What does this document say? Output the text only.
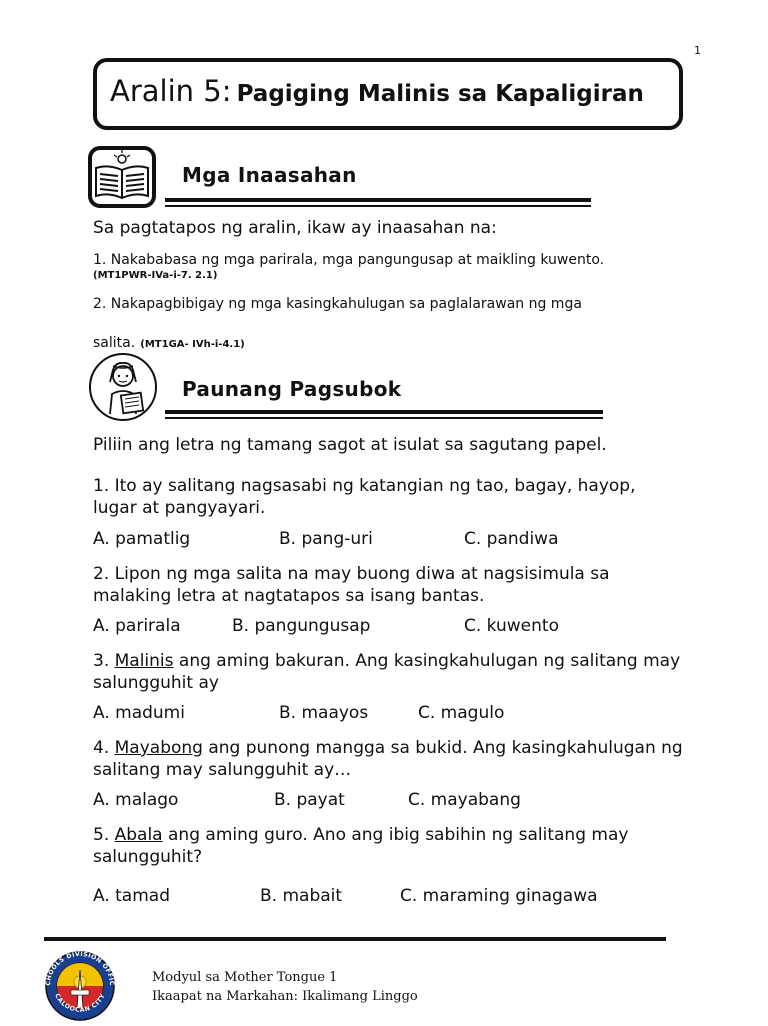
1
Aralin 5: Pagiging Malinis sa Kapaligiran
Mga Inaasahan
Sa pagtatapos ng aralin, ikaw ay inaasahan na:
1. Nakababasa ng mga parirala, mga pangungusap at maikling kuwento.
(MT1PWR-IVa-i-7. 2.1)
2. Nakapagbibigay ng mga kasingkahulugan sa paglalarawan ng mga
salita. (MT1GA- IVh-i-4.1)
Paunang Pagsubok
Piliin ang letra ng tamang sagot at isulat sa sagutang papel.
1. Ito ay salitang nagsasabi ng katangian ng tao, bagay, hayop, lugar at pangyayari.
A. pamatlig	B. pang-uri	C. pandiwa
2. Lipon ng mga salita na may buong diwa at nagsisimula sa malaking letra at nagtatapos sa isang bantas.
A. parirala	B. pangungusap	C. kuwento
3. Malinis ang aming bakuran. Ang kasingkahulugan ng salitang may salungguhit ay
A. madumi	B. maayos	C. magulo
4. Mayabong ang punong mangga sa bukid. Ang kasingkahulugan ng salitang may salungguhit ay…
A. malago	B. payat	C. mayabang
5. Abala ang aming guro. Ano ang ibig sabihin ng salitang may salungguhit?
A. tamad	B. mabait	C. maraming ginagawa
CHOOLS DIVISION OFFIC
CALOOCAN CITY
Modyul sa Mother Tongue 1
Ikaapat na Markahan: Ikalimang Linggo
